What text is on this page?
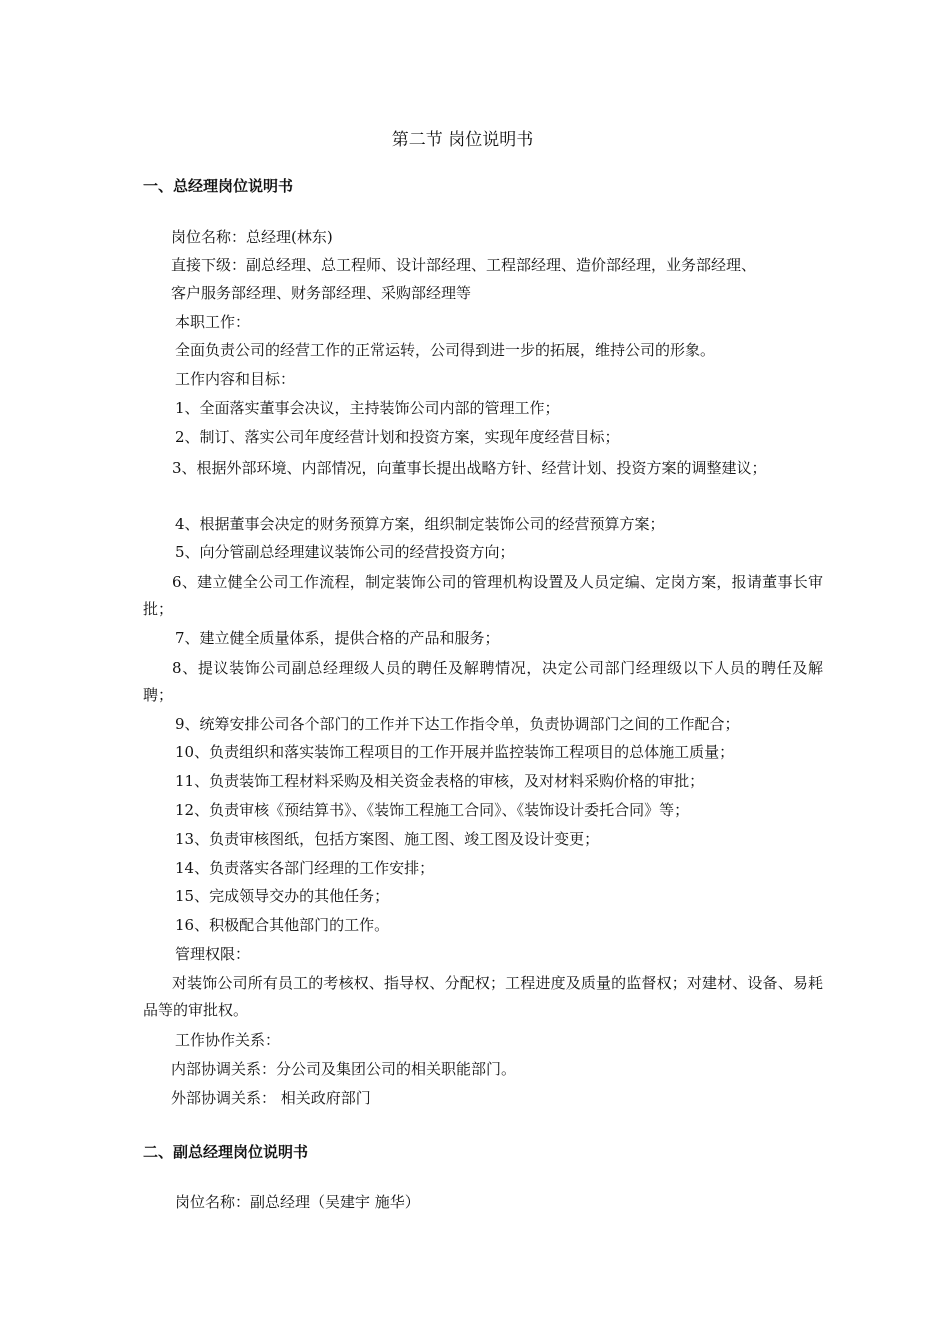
第二节 岗位说明书
一、总经理岗位说明书
岗位名称：总经理(林东)
直接下级：副总经理、总工程师、设计部经理、工程部经理、造价部经理，业务部经理、
客户服务部经理、财务部经理、采购部经理等
本职工作：
全面负责公司的经营工作的正常运转，公司得到进一步的拓展，维持公司的形象。
工作内容和目标：
1、全面落实董事会决议，主持装饰公司内部的管理工作；
2、制订、落实公司年度经营计划和投资方案，实现年度经营目标；
3、根据外部环境、内部情况，向董事长提出战略方针、经营计划、投资方案的调整建议；
4、根据董事会决定的财务预算方案，组织制定装饰公司的经营预算方案；
5、向分管副总经理建议装饰公司的经营投资方向；
6、建立健全公司工作流程，制定装饰公司的管理机构设置及人员定编、定岗方案，报请董事长审批；
7、建立健全质量体系，提供合格的产品和服务；
8、提议装饰公司副总经理级人员的聘任及解聘情况，决定公司部门经理级以下人员的聘任及解聘；
9、统筹安排公司各个部门的工作并下达工作指令单，负责协调部门之间的工作配合；
10、负责组织和落实装饰工程项目的工作开展并监控装饰工程项目的总体施工质量；
11、负责装饰工程材料采购及相关资金表格的审核，及对材料采购价格的审批；
12、负责审核《预结算书》、《装饰工程施工合同》、《装饰设计委托合同》等；
13、负责审核图纸，包括方案图、施工图、竣工图及设计变更；
14、负责落实各部门经理的工作安排；
15、完成领导交办的其他任务；
16、积极配合其他部门的工作。
管理权限：
对装饰公司所有员工的考核权、指导权、分配权；工程进度及质量的监督权；对建材、设备、易耗品等的审批权。
工作协作关系：
内部协调关系：分公司及集团公司的相关职能部门。
外部协调关系： 相关政府部门
二、副总经理岗位说明书
岗位名称：副总经理（吴建宇 施华）
